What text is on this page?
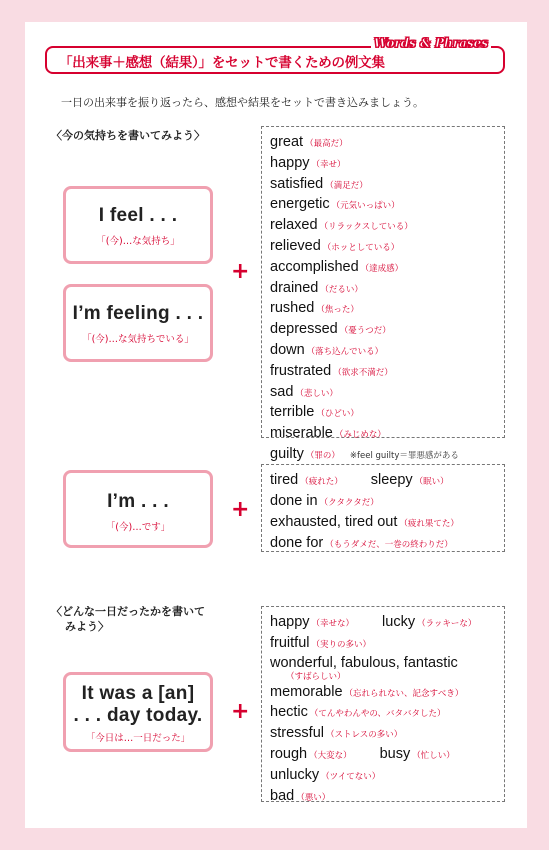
「出来事＋感想（結果）」をセットで書くための例文集
Words & Phrases
一日の出来事を振り返ったら、感想や結果をセットで書き込みましょう。
〈今の気持ちを書いてみよう〉
I feel . . .
「(今)…な気持ち」
I’m feeling . . .
「(今)…な気持ちでいる」
+
great （最高だ）
happy （幸せ）
satisfied （満足だ）
energetic （元気いっぱい）
relaxed （リラックスしている）
relieved （ホッとしている）
accomplished （達成感）
drained （だるい）
rushed （焦った）
depressed （憂うつだ）
down （落ち込んでいる）
frustrated （欲求不満だ）
sad （悲しい）
terrible （ひどい）
miserable （みじめな）
guilty （罪の） ※feel guilty＝罪悪感がある
I’m . . .
「(今)…です」
+
tired （疲れた） sleepy （眠い）
done in （クタクタだ）
exhausted, tired out （疲れ果てた）
done for （もうダメだ、一巻の終わりだ）
〈どんな一日だったかを書いて
みよう〉
It was a [an]
. . . day today.
「今日は…一日だった」
+
happy （幸せな） lucky （ラッキーな）
fruitful （実りの多い）
wonderful, fabulous, fantastic
（すばらしい）
memorable （忘れられない、記念すべき）
hectic （てんやわんやの、バタバタした）
stressful （ストレスの多い）
rough （大変な） busy （忙しい）
unlucky （ツイてない）
bad （悪い）
